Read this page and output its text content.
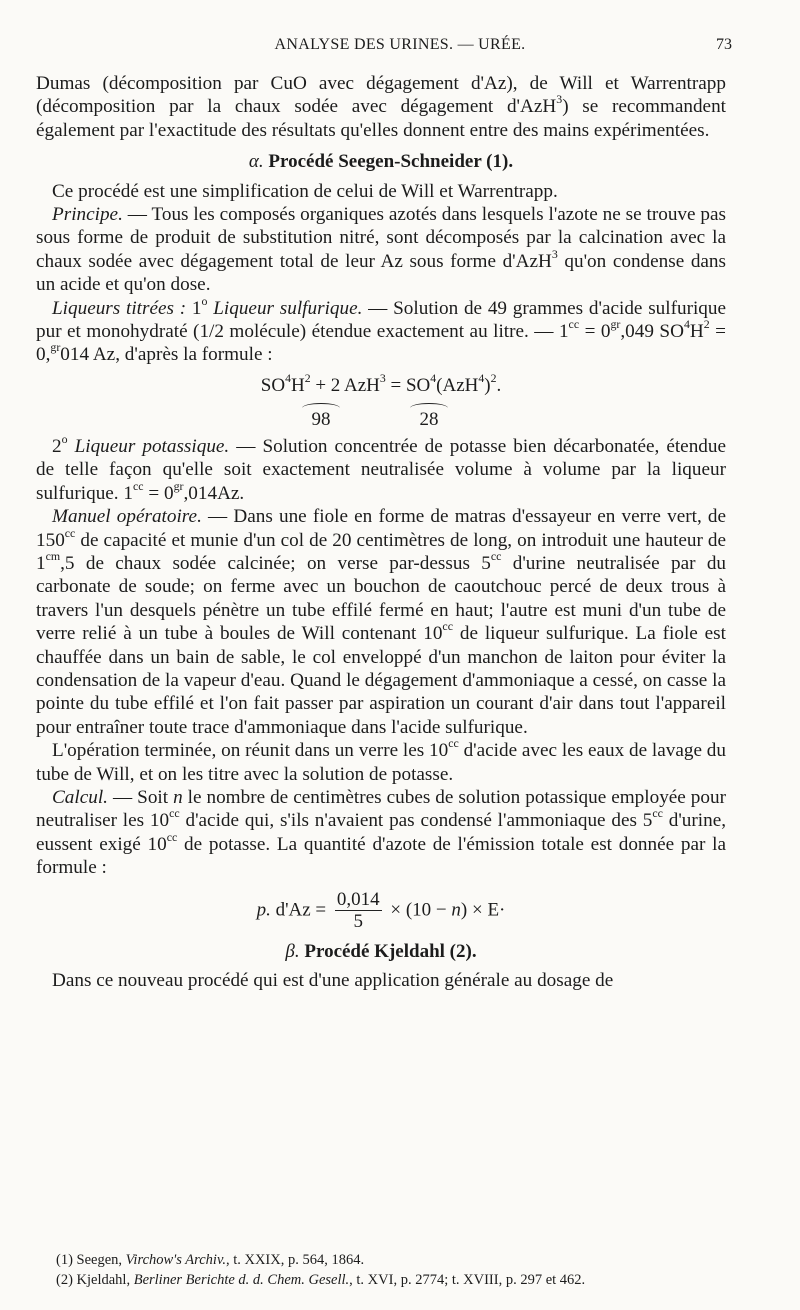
ANALYSE DES URINES. — URÉE.	73

Dumas (décomposition par CuO avec dégagement d'Az), de Will et Warrentrapp (décomposition par la chaux sodée avec dégagement d'AzH$^3$) se recommandent également par l'exactitude des résultats qu'elles donnent entre des mains expérimentées.

α. Procédé Seegen-Schneider (1).

Ce procédé est une simplification de celui de Will et Warrentrapp.

Principe. — Tous les composés organiques azotés dans lesquels l'azote ne se trouve pas sous forme de produit de substitution nitré, sont décomposés par la calcination avec la chaux sodée avec dégagement total de leur Az sous forme d'AzH$^3$ qu'on condense dans un acide et qu'on dose.

Liqueurs titrées : 1$^o$ Liqueur sulfurique. — Solution de 49 grammes d'acide sulfurique pur et monohydraté (1/2 molécule) étendue exactement au litre. — $1^{cc} = 0^{gr},049$ $SO^4H^2 = 0,^{gr}014$ Az, d'après la formule :

$SO^4H^2 + 2$ $AzH^3 = SO^4(AzH^4)^2$.
98	28

2$^o$ Liqueur potassique. — Solution concentrée de potasse bien décarbonatée, étendue de telle façon qu'elle soit exactement neutralisée volume à volume par la liqueur sulfurique. $1^{cc} = 0^{gr},014Az$.

Manuel opératoire. — Dans une fiole en forme de matras d'essayeur en verre vert, de $150^{cc}$ de capacité et munie d'un col de 20 centimètres de long, on introduit une hauteur de $1^{cm},5$ de chaux sodée calcinée; on verse par-dessus $5^{cc}$ d'urine neutralisée par du carbonate de soude; on ferme avec un bouchon de caoutchouc percé de deux trous à travers l'un desquels pénètre un tube effilé fermé en haut; l'autre est muni d'un tube de verre relié à un tube à boules de Will contenant $10^{cc}$ de liqueur sulfurique. La fiole est chauffée dans un bain de sable, le col enveloppé d'un manchon de laiton pour éviter la condensation de la vapeur d'eau. Quand le dégagement d'ammoniaque a cessé, on casse la pointe du tube effilé et l'on fait passer par aspiration un courant d'air dans tout l'appareil pour entraîner toute trace d'ammoniaque dans l'acide sulfurique.

L'opération terminée, on réunit dans un verre les $10^{cc}$ d'acide avec les eaux de lavage du tube de Will, et on les titre avec la solution de potasse.

Calcul. — Soit n le nombre de centimètres cubes de solution potassique employée pour neutraliser les $10^{cc}$ d'acide qui, s'ils n'avaient pas condensé l'ammoniaque des $5^{cc}$ d'urine, eussent exigé $10^{cc}$ de potasse. La quantité d'azote de l'émission totale est donnée par la formule :

p. $d'Az = \frac{0,014}{5} \times (10 - n) \times E\cdot$
β. Procédé Kjeldahl (2).

Dans ce nouveau procédé qui est d'une application générale au dosage de

(1) Seegen, Virchow's Archiv., t. XXIX, p. 564, 1864.

(2) Kjeldahl, Berliner Berichte d. d. Chem. Gesell., t. XVI, p. 2774; t. XVIII, p. 297 et 462.
